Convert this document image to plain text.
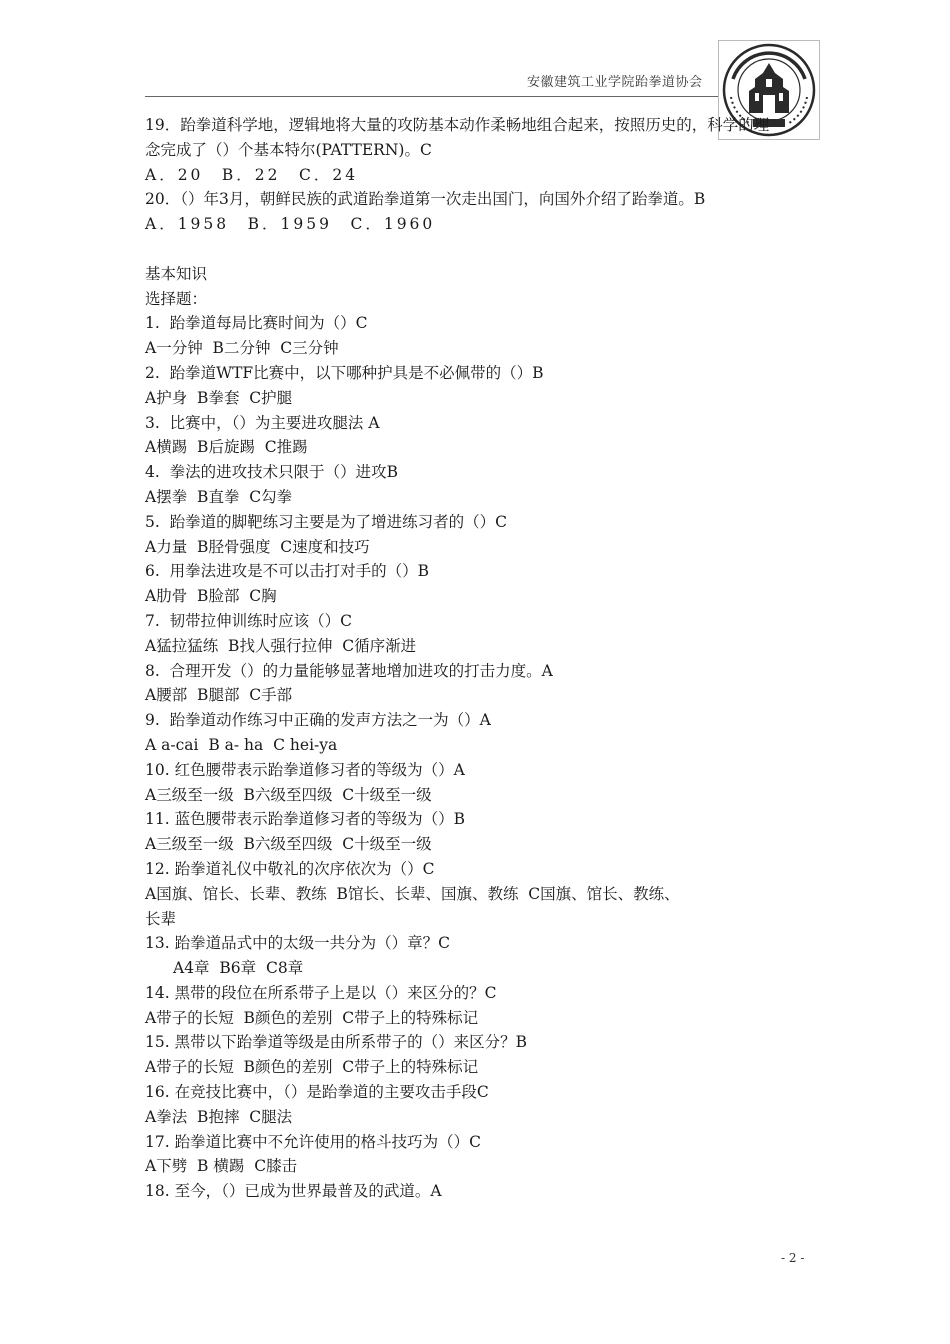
安徽建筑工业学院跆拳道协会
19．跆拳道科学地，逻辑地将大量的攻防基本动作柔畅地组合起来，按照历史的，科学的理
念完成了（）个基本特尔(PATTERN)。C
A．20　B．22　C．24
20．（）年3月，朝鲜民族的武道跆拳道第一次走出国门，向国外介绍了跆拳道。B
A．1958　B．1959　C．1960
基本知识
选择题：
1.  跆拳道每局比赛时间为（）C
A一分钟  B二分钟  C三分钟
2.  跆拳道WTF比赛中，以下哪种护具是不必佩带的（）B
A护身  B拳套  C护腿
3.  比赛中，（）为主要进攻腿法 A
A横踢  B后旋踢  C推踢
4.  拳法的进攻技术只限于（）进攻B
A摆拳  B直拳  C勾拳
5.  跆拳道的脚靶练习主要是为了增进练习者的（）C
A力量  B胫骨强度  C速度和技巧
6.  用拳法进攻是不可以击打对手的（）B
A肋骨  B脸部  C胸
7.  韧带拉伸训练时应该（）C
A猛拉猛练  B找人强行拉伸  C循序渐进
8.  合理开发（）的力量能够显著地增加进攻的打击力度。A
A腰部  B腿部  C手部
9.  跆拳道动作练习中正确的发声方法之一为（）A
A a-cai  B a- ha  C hei-ya
10. 红色腰带表示跆拳道修习者的等级为（）A
A三级至一级  B六级至四级  C十级至一级
11. 蓝色腰带表示跆拳道修习者的等级为（）B
A三级至一级  B六级至四级  C十级至一级
12. 跆拳道礼仪中敬礼的次序依次为（）C
A国旗、馆长、长辈、教练  B馆长、长辈、国旗、教练  C国旗、馆长、教练、
长辈
13. 跆拳道品式中的太级一共分为（）章？C
A4章  B6章  C8章
14. 黑带的段位在所系带子上是以（）来区分的？C
A带子的长短  B颜色的差别  C带子上的特殊标记
15. 黑带以下跆拳道等级是由所系带子的（）来区分？B
A带子的长短  B颜色的差别  C带子上的特殊标记
16. 在竞技比赛中，（）是跆拳道的主要攻击手段C
A拳法  B抱摔  C腿法
17. 跆拳道比赛中不允许使用的格斗技巧为（）C
A下劈  B 横踢  C膝击
18. 至今，（）已成为世界最普及的武道。A
- 2 -
